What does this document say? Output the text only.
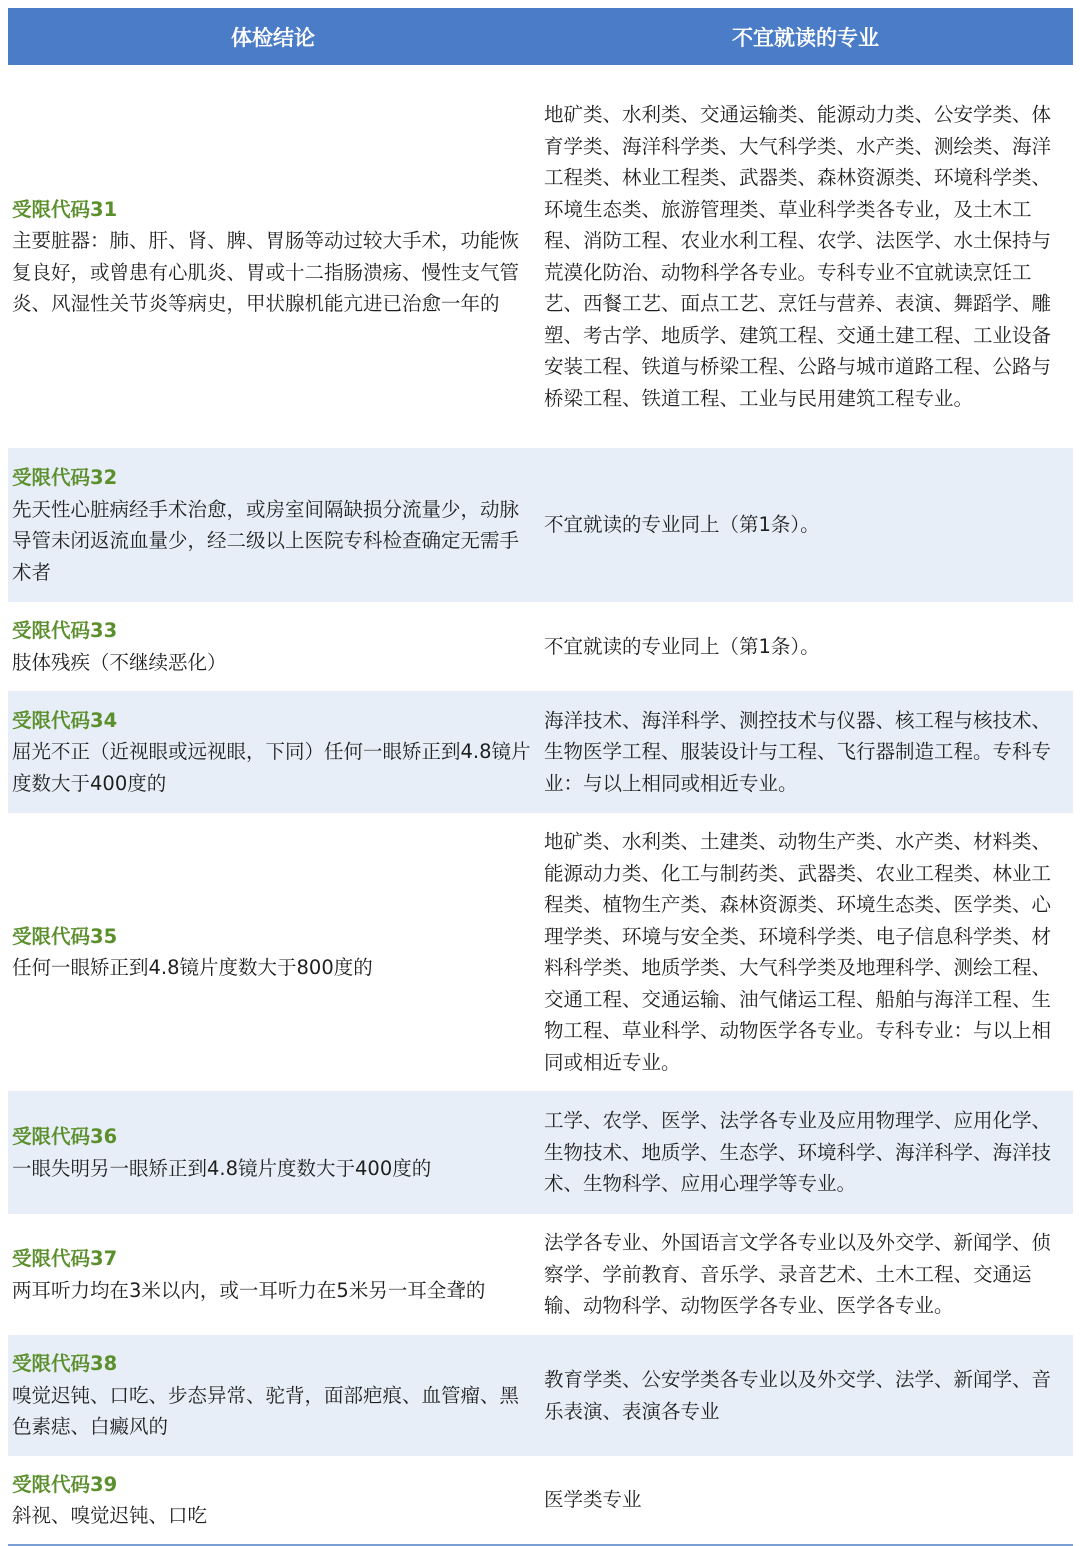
体检结论	不宜就读的专业
受限代码31
主要脏器：肺、肝、肾、脾、胃肠等动过较大手术，功能恢复良好，或曾患有心肌炎、胃或十二指肠溃疡、慢性支气管炎、风湿性关节炎等病史，甲状腺机能亢进已治愈一年的
地矿类、水利类、交通运输类、能源动力类、公安学类、体育学类、海洋科学类、大气科学类、水产类、测绘类、海洋工程类、林业工程类、武器类、森林资源类、环境科学类、环境生态类、旅游管理类、草业科学类各专业，及土木工程、消防工程、农业水利工程、农学、法医学、水土保持与荒漠化防治、动物科学各专业。专科专业不宜就读烹饪工艺、西餐工艺、面点工艺、烹饪与营养、表演、舞蹈学、雕塑、考古学、地质学、建筑工程、交通土建工程、工业设备安装工程、铁道与桥梁工程、公路与城市道路工程、公路与桥梁工程、铁道工程、工业与民用建筑工程专业。
受限代码32
先天性心脏病经手术治愈，或房室间隔缺损分流量少，动脉导管未闭返流血量少，经二级以上医院专科检查确定无需手术者
不宜就读的专业同上（第1条）。
受限代码33
肢体残疾（不继续恶化）
不宜就读的专业同上（第1条）。
受限代码34
屈光不正（近视眼或远视眼，下同）任何一眼矫正到4.8镜片度数大于400度的
海洋技术、海洋科学、测控技术与仪器、核工程与核技术、生物医学工程、服装设计与工程、飞行器制造工程。专科专业：与以上相同或相近专业。
受限代码35
任何一眼矫正到4.8镜片度数大于800度的
地矿类、水利类、土建类、动物生产类、水产类、材料类、能源动力类、化工与制药类、武器类、农业工程类、林业工程类、植物生产类、森林资源类、环境生态类、医学类、心理学类、环境与安全类、环境科学类、电子信息科学类、材料科学类、地质学类、大气科学类及地理科学、测绘工程、交通工程、交通运输、油气储运工程、船舶与海洋工程、生物工程、草业科学、动物医学各专业。专科专业：与以上相同或相近专业。
受限代码36
一眼失明另一眼矫正到4.8镜片度数大于400度的
工学、农学、医学、法学各专业及应用物理学、应用化学、生物技术、地质学、生态学、环境科学、海洋科学、海洋技术、生物科学、应用心理学等专业。
受限代码37
两耳听力均在3米以内，或一耳听力在5米另一耳全聋的
法学各专业、外国语言文学各专业以及外交学、新闻学、侦察学、学前教育、音乐学、录音艺术、土木工程、交通运输、动物科学、动物医学各专业、医学各专业。
受限代码38
嗅觉迟钝、口吃、步态异常、驼背，面部疤痕、血管瘤、黑色素痣、白癜风的
教育学类、公安学类各专业以及外交学、法学、新闻学、音乐表演、表演各专业
受限代码39
斜视、嗅觉迟钝、口吃
医学类专业
